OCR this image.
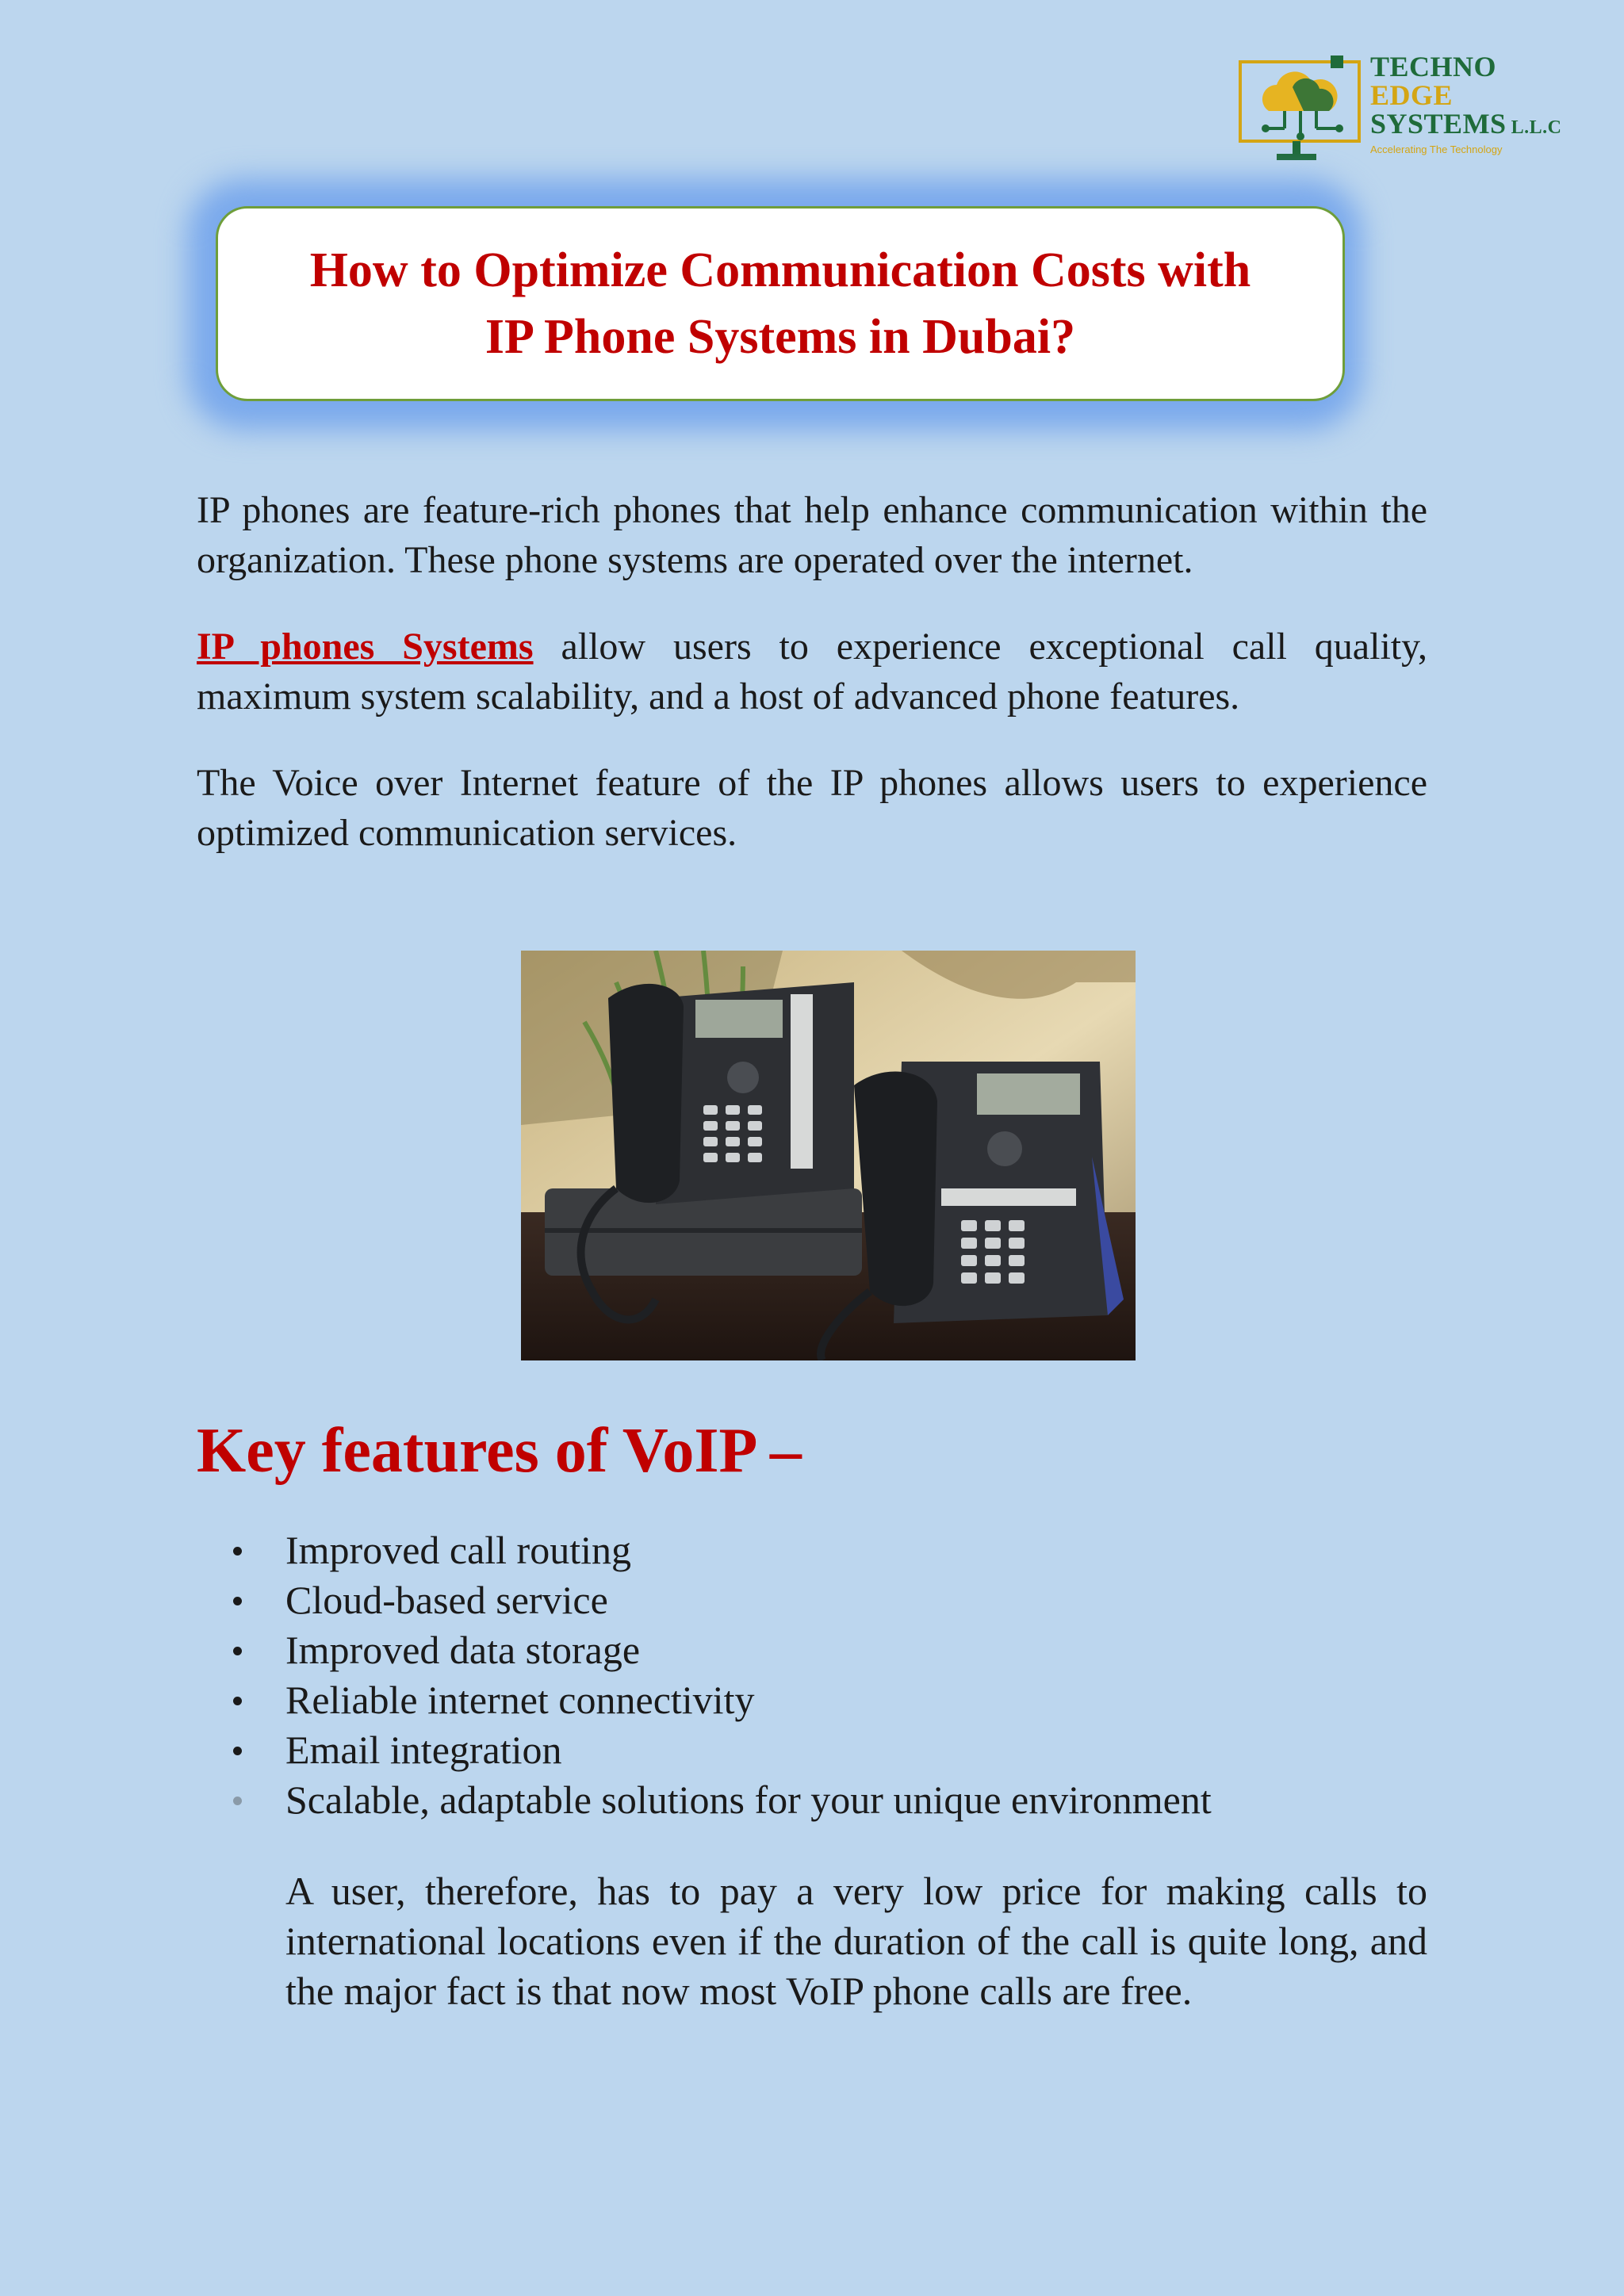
TECHNO
EDGE
SYSTEMS L.L.C
Accelerating The Technology
How to Optimize Communication Costs with
IP Phone Systems in Dubai?

IP phones are feature-rich phones that help enhance communication within the organization. These phone systems are operated over the internet.

IP phones Systems allow users to experience exceptional call quality, maximum system scalability, and a host of advanced phone features.

The Voice over Internet feature of the IP phones allows users to experience optimized communication services.

Key features of VoIP –
Improved call routing
Cloud-based service
Improved data storage
Reliable internet connectivity
Email integration
Scalable, adaptable solutions for your unique environment

A user, therefore, has to pay a very low price for making calls to international locations even if the duration of the call is quite long, and the major fact is that now most VoIP phone calls are free.
